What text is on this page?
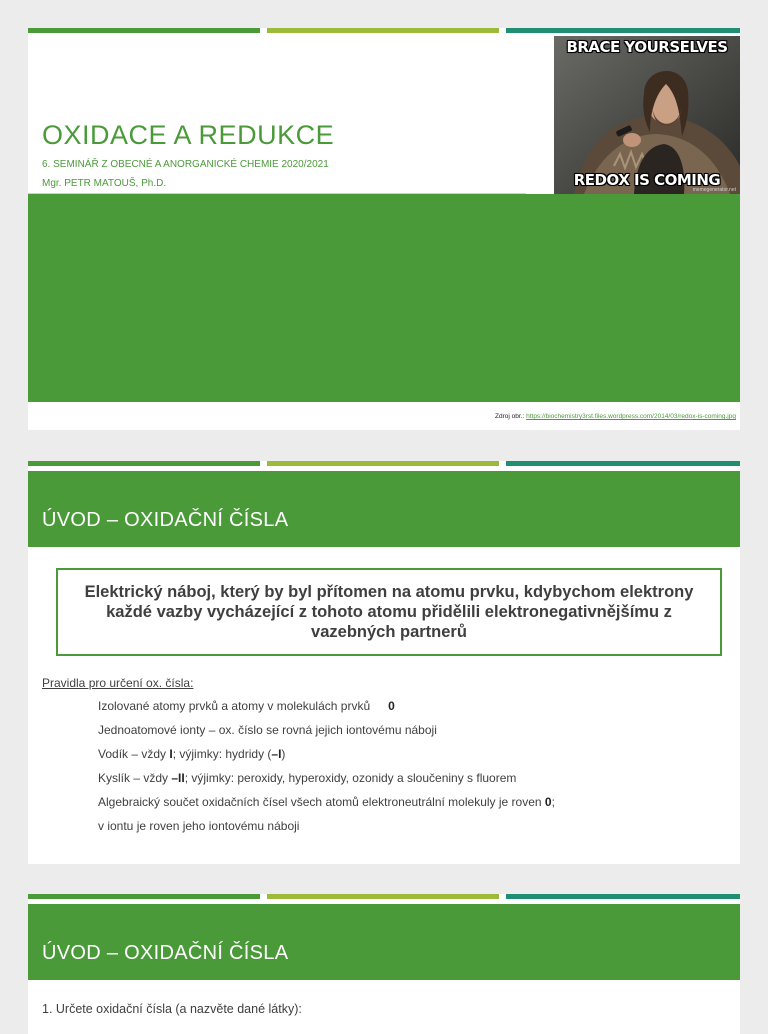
BRACE YOURSELVES
REDOX IS COMING
memegenerator.net
OXIDACE A REDUKCE
6. SEMINÁŘ Z OBECNÉ A ANORGANICKÉ CHEMIE 2020/2021
Mgr. PETR MATOUŠ, Ph.D.
Zdroj obr.: https://biochemistry3rst.files.wordpress.com/2014/03/redox-is-coming.jpg
ÚVOD – OXIDAČNÍ ČÍSLA
Elektrický náboj, který by byl přítomen na atomu prvku, kdybychom elektrony každé vazby vycházející z tohoto atomu přidělili elektronegativnějšímu z vazebných partnerů
Pravidla pro určení ox. čísla:
Izolované atomy prvků a atomy v molekulách prvků 0
Jednoatomové ionty – ox. číslo se rovná jejich iontovému náboji
Vodík – vždy I; výjimky: hydridy (–I)
Kyslík – vždy –II; výjimky: peroxidy, hyperoxidy, ozonidy a sloučeniny s fluorem
Algebraický součet oxidačních čísel všech atomů elektroneutrální molekuly je roven 0;
v iontu je roven jeho iontovému náboji
ÚVOD – OXIDAČNÍ ČÍSLA
1. Určete oxidační čísla (a nazvěte dané látky):
